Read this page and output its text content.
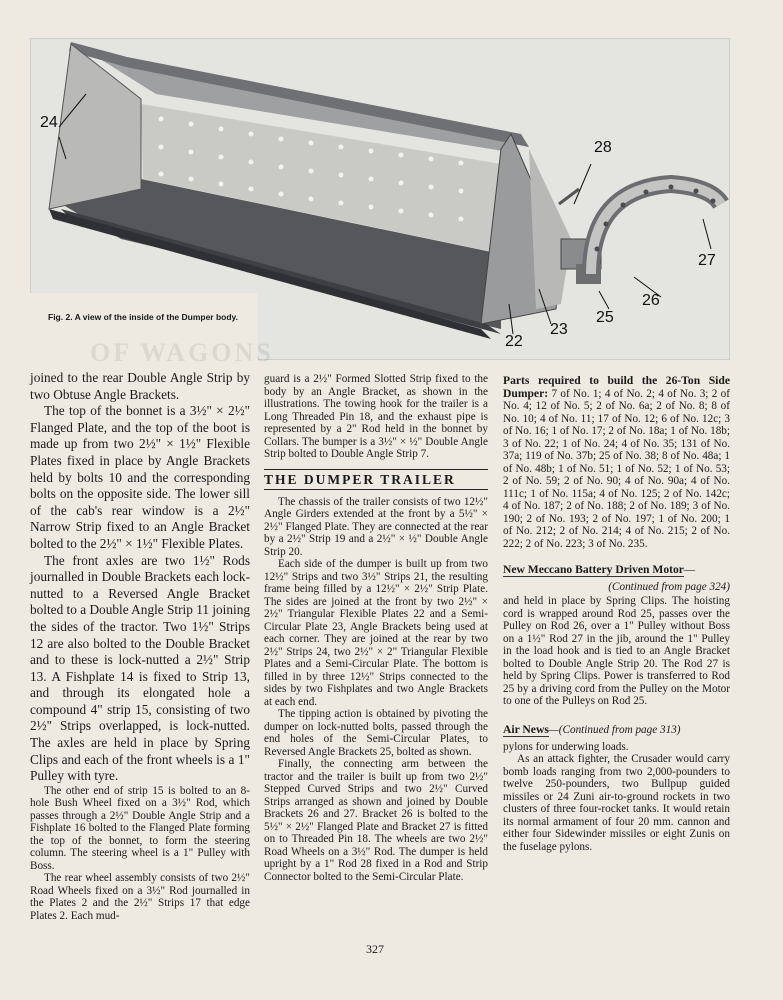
Fig. 2. A view of the inside of the Dumper body.
24
28
27
26
25
23
22
OF WAGONS

joined to the rear Double Angle Strip by two Obtuse Angle Brackets.

The top of the bonnet is a 3½" × 2½" Flanged Plate, and the top of the boot is made up from two 2½" × 1½" Flexible Plates fixed in place by Angle Brackets held by bolts 10 and the corresponding bolts on the opposite side. The lower sill of the cab's rear window is a 2½" Narrow Strip fixed to an Angle Bracket bolted to the 2½" × 1½" Flexible Plates.

The front axles are two 1½" Rods journalled in Double Brackets each lock-nutted to a Reversed Angle Bracket bolted to a Double Angle Strip 11 joining the sides of the tractor. Two 1½" Strips 12 are also bolted to the Double Bracket and to these is lock-nutted a 2½" Strip 13. A Fishplate 14 is fixed to Strip 13, and through its elongated hole a compound 4" strip 15, consisting of two 2½" Strips overlapped, is lock-nutted. The axles are held in place by Spring Clips and each of the front wheels is a 1" Pulley with tyre.

The other end of strip 15 is bolted to an 8-hole Bush Wheel fixed on a 3½" Rod, which passes through a 2½" Double Angle Strip and a Fishplate 16 bolted to the Flanged Plate forming the top of the bonnet, to form the steering column. The steering wheel is a 1" Pulley with Boss.

The rear wheel assembly consists of two 2½" Road Wheels fixed on a 3½" Rod journalled in the Plates 2 and the 2½" Strips 17 that edge Plates 2. Each mud-

guard is a 2½" Formed Slotted Strip fixed to the body by an Angle Bracket, as shown in the illustrations. The towing hook for the trailer is a Long Threaded Pin 18, and the exhaust pipe is represented by a 2" Rod held in the bonnet by Collars. The bumper is a 3½" × ½" Double Angle Strip bolted to Double Angle Strip 7.

THE DUMPER TRAILER

The chassis of the trailer consists of two 12½" Angle Girders extended at the front by a 5½" × 2½" Flanged Plate. They are connected at the rear by a 2½" Strip 19 and a 2½" × ½" Double Angle Strip 20.

Each side of the dumper is built up from two 12½" Strips and two 3½" Strips 21, the resulting frame being filled by a 12½" × 2½" Strip Plate. The sides are joined at the front by two 2½" × 2½" Triangular Flexible Plates 22 and a Semi-Circular Plate 23, Angle Brackets being used at each corner. They are joined at the rear by two 2½" Strips 24, two 2½" × 2" Triangular Flexible Plates and a Semi-Circular Plate. The bottom is filled in by three 12½" Strips connected to the sides by two Fishplates and two Angle Brackets at each end.

The tipping action is obtained by pivoting the dumper on lock-nutted bolts, passed through the end holes of the Semi-Circular Plates, to Reversed Angle Brackets 25, bolted as shown.

Finally, the connecting arm between the tractor and the trailer is built up from two 2½" Stepped Curved Strips and two 2½" Curved Strips arranged as shown and joined by Double Brackets 26 and 27. Bracket 26 is bolted to the 5½" × 2½" Flanged Plate and Bracket 27 is fitted on to Threaded Pin 18. The wheels are two 2½" Road Wheels on a 3½" Rod. The dumper is held upright by a 1" Rod 28 fixed in a Rod and Strip Connector bolted to the Semi-Circular Plate.

Parts required to build the 26-Ton Side Dumper: 7 of No. 1; 4 of No. 2; 4 of No. 3; 2 of No. 4; 12 of No. 5; 2 of No. 6a; 2 of No. 8; 8 of No. 10; 4 of No. 11; 17 of No. 12; 6 of No. 12c; 3 of No. 16; 1 of No. 17; 2 of No. 18a; 1 of No. 18b; 3 of No. 22; 1 of No. 24; 4 of No. 35; 131 of No. 37a; 119 of No. 37b; 25 of No. 38; 8 of No. 48a; 1 of No. 48b; 1 of No. 51; 1 of No. 52; 1 of No. 53; 2 of No. 59; 2 of No. 90; 4 of No. 90a; 4 of No. 111c; 1 of No. 115a; 4 of No. 125; 2 of No. 142c; 4 of No. 187; 2 of No. 188; 2 of No. 189; 3 of No. 190; 2 of No. 193; 2 of No. 197; 1 of No. 200; 1 of No. 212; 2 of No. 214; 4 of No. 215; 2 of No. 222; 2 of No. 223; 3 of No. 235.

New Meccano Battery Driven Motor—
(Continued from page 324)

and held in place by Spring Clips. The hoisting cord is wrapped around Rod 25, passes over the Pulley on Rod 26, over a 1" Pulley without Boss on a 1½" Rod 27 in the jib, around the 1" Pulley in the load hook and is tied to an Angle Bracket bolted to Double Angle Strip 20. The Rod 27 is held by Spring Clips. Power is transferred to Rod 25 by a driving cord from the Pulley on the Motor to one of the Pulleys on Rod 25.

Air News—(Continued from page 313)

pylons for underwing loads.

As an attack fighter, the Crusader would carry bomb loads ranging from two 2,000-pounders to twelve 250-pounders, two Bullpup guided missiles or 24 Zuni air-to-ground rockets in two clusters of three four-rocket tanks. It would retain its normal armament of four 20 mm. cannon and either four Sidewinder missiles or eight Zunis on the fuselage pylons.

327
